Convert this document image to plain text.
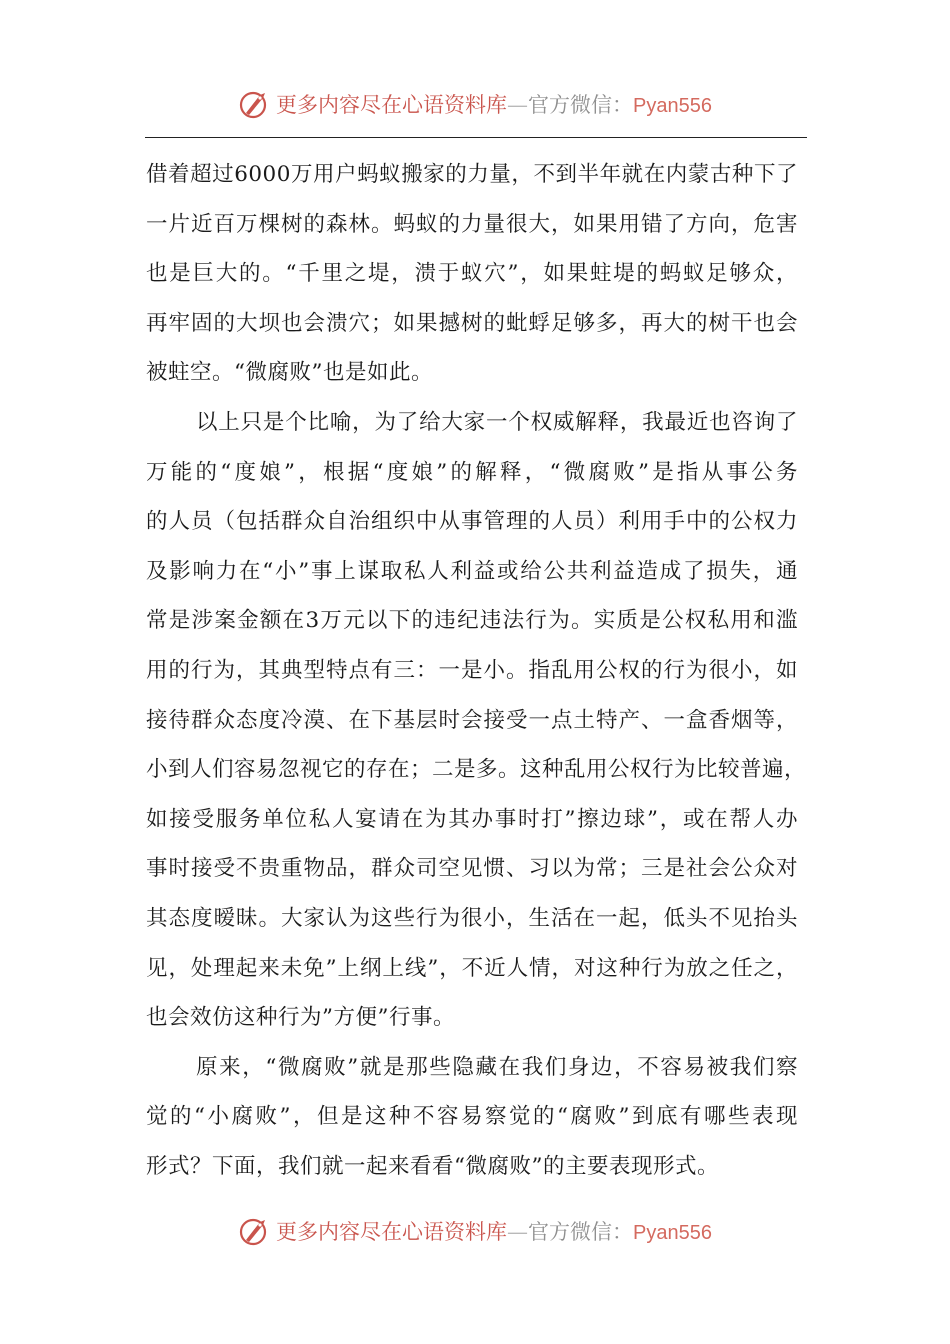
更多内容尽在心语资料库—官方微信：Pyan556
借着超过6000万用户蚂蚁搬家的力量，不到半年就在内蒙古种下了
一片近百万棵树的森林。蚂蚁的力量很大，如果用错了方向，危害
也是巨大的。“千里之堤，溃于蚁穴”，如果蛀堤的蚂蚁足够众，
再牢固的大坝也会溃穴；如果撼树的蚍蜉足够多，再大的树干也会
被蛀空。“微腐败”也是如此。
以上只是个比喻，为了给大家一个权威解释，我最近也咨询了
万能的“度娘”，根据“度娘”的解释，“微腐败”是指从事公务
的人员（包括群众自治组织中从事管理的人员）利用手中的公权力
及影响力在“小”事上谋取私人利益或给公共利益造成了损失，通
常是涉案金额在3万元以下的违纪违法行为。实质是公权私用和滥
用的行为，其典型特点有三：一是小。指乱用公权的行为很小，如
接待群众态度冷漠、在下基层时会接受一点土特产、一盒香烟等，
小到人们容易忽视它的存在；二是多。这种乱用公权行为比较普遍，
如接受服务单位私人宴请在为其办事时打”擦边球”，或在帮人办
事时接受不贵重物品，群众司空见惯、习以为常；三是社会公众对
其态度暧昧。大家认为这些行为很小，生活在一起，低头不见抬头
见，处理起来未免”上纲上线”，不近人情，对这种行为放之任之，
也会效仿这种行为”方便”行事。
原来，“微腐败”就是那些隐藏在我们身边，不容易被我们察
觉的“小腐败”，但是这种不容易察觉的“腐败”到底有哪些表现
形式？下面，我们就一起来看看“微腐败”的主要表现形式。
更多内容尽在心语资料库—官方微信：Pyan556
